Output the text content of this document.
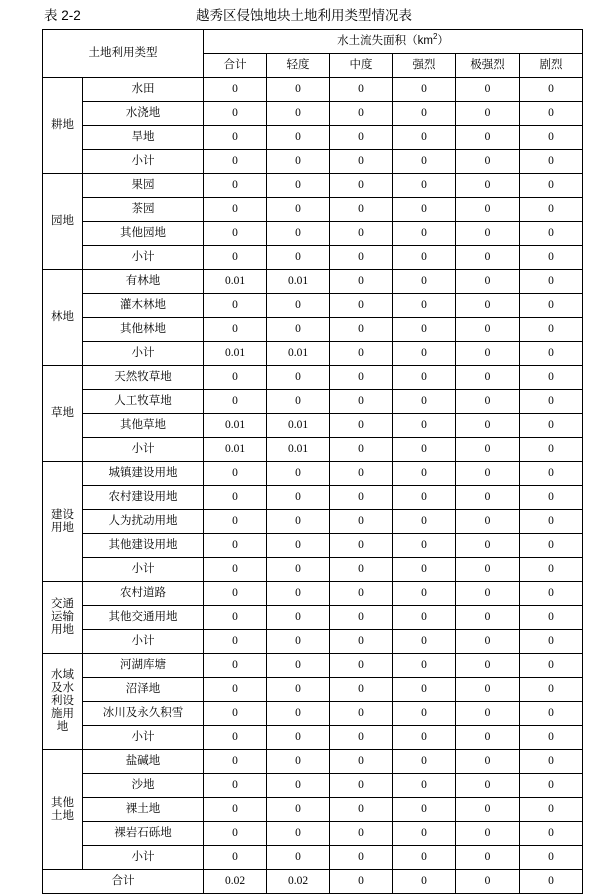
表 2-2	越秀区侵蚀地块土地利用类型情况表
土地利用类型		水土流失面积$(km^2)$					
		合计	轻度	中度	强烈	极强烈	剧烈
耕地	水田	0	0	0	0	0	0
	水浇地	0	0	0	0	0	0
	旱地	0	0	0	0	0	0
	小计	0	0	0	0	0	0
园地	果园	0	0	0	0	0	0
	茶园	0	0	0	0	0	0
	其他园地	0	0	0	0	0	0
	小计	0	0	0	0	0	0
林地	有林地	0.01	0.01	0	0	0	0
	灌木林地	0	0	0	0	0	0
	其他林地	0	0	0	0	0	0
	小计	0.01	0.01	0	0	0	0
草地	天然牧草地	0	0	0	0	0	0
	人工牧草地	0	0	0	0	0	0
	其他草地	0.01	0.01	0	0	0	0
	小计	0.01	0.01	0	0	0	0
建设
用地	城镇建设用地	0	0	0	0	0	0
	农村建设用地	0	0	0	0	0	0
	人为扰动用地	0	0	0	0	0	0
	其他建设用地	0	0	0	0	0	0
	小计	0	0	0	0	0	0
交通
运输
用地	农村道路	0	0	0	0	0	0
	其他交通用地	0	0	0	0	0	0
	小计	0	0	0	0	0	0
水域
及水
利设
施用
地	河湖库塘	0	0	0	0	0	0
	沼泽地	0	0	0	0	0	0
	冰川及永久积雪	0	0	0	0	0	0
	小计	0	0	0	0	0	0
其他
土地	盐碱地	0	0	0	0	0	0
	沙地	0	0	0	0	0	0
	裸土地	0	0	0	0	0	0
	裸岩石砾地	0	0	0	0	0	0
	小计	0	0	0	0	0	0
合计		0.02	0.02	0	0	0	0
